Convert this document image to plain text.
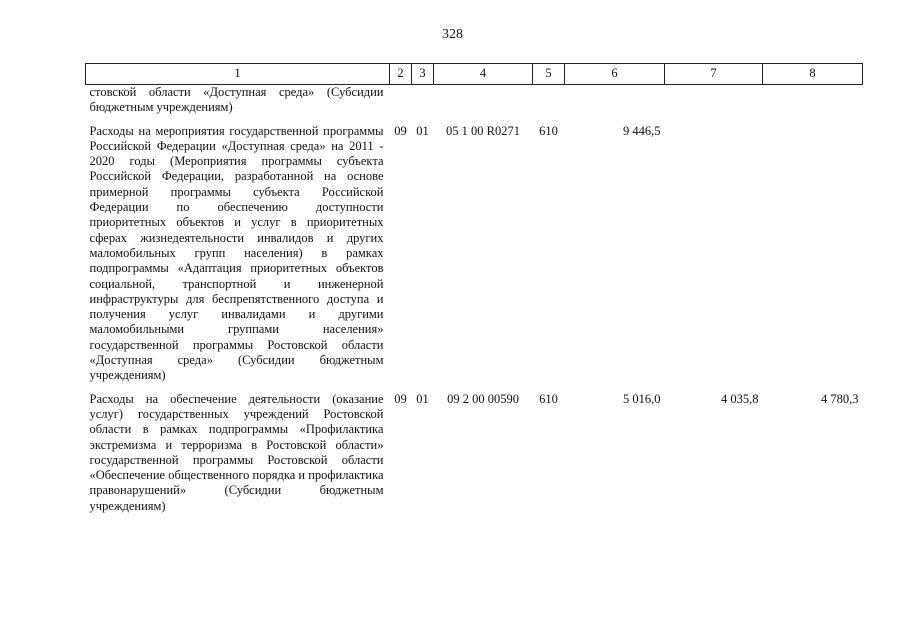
328
1	2	3	4	5	6	7	8
стовской области «Доступная среда» (Субсидии бюджетным учреждениям)							

Расходы на мероприятия государственной программы Российской Федерации «Доступная среда» на 2011 - 2020 годы (Мероприятия программы субъекта Российской Федерации, разработанной на основе примерной программы субъекта Российской Федерации по обеспечению доступности приоритетных объектов и услуг в приоритетных сферах жизнедеятельности инвалидов и других маломобильных групп населения) в рамках подпрограммы «Адаптация приоритетных объектов социальной, транспортной и инженерной инфраструктуры для беспрепятственного доступа и получения услуг инвалидами и другими маломобильными группами населения» государственной программы Ростовской области «Доступная среда» (Субсидии бюджетным учреждениям)	09	01	05 1 00 R0271	610	9 446,5		

Расходы на обеспечение деятельности (оказание услуг) государственных учреждений Ростовской области в рамках подпрограммы «Профилактика экстремизма и терроризма в Ростовской области» государственной программы Ростовской области «Обеспечение общественного порядка и профилактика правонарушений» (Субсидии бюджетным учреждениям)	09	01	09 2 00 00590	610	5 016,0	4 035,8	4 780,3
